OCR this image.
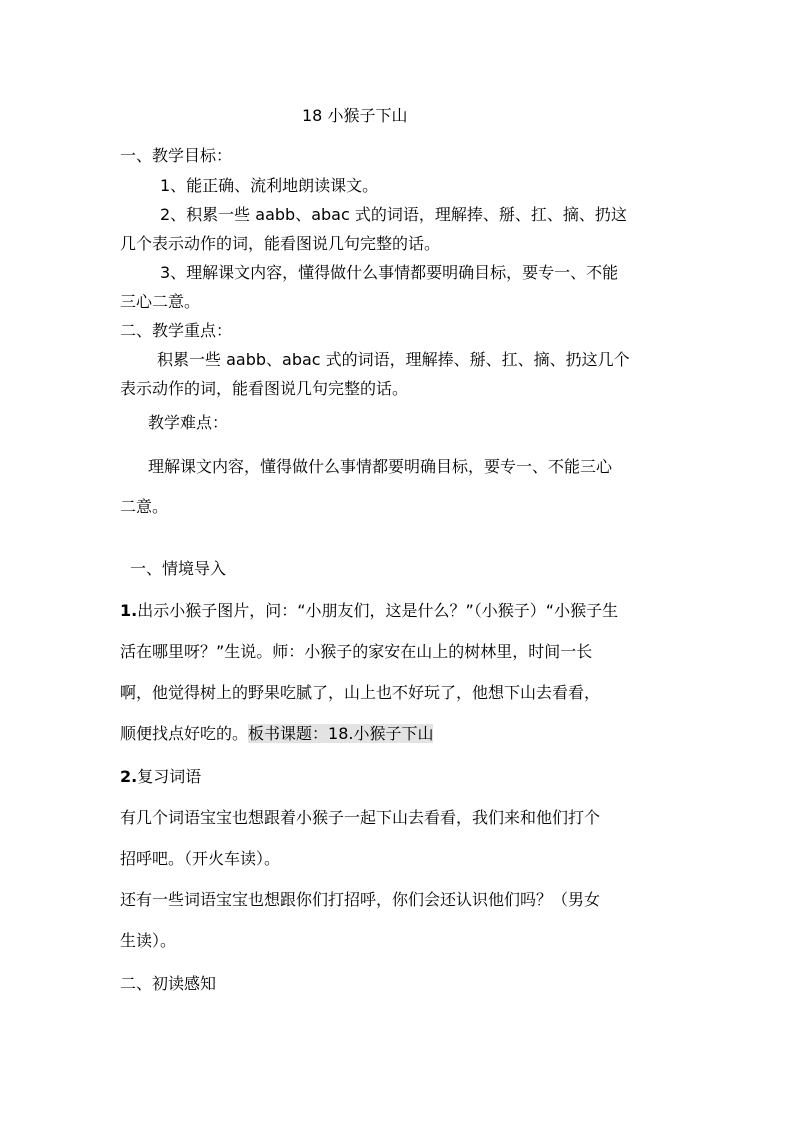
18 小猴子下山
一、教学目标：
1、能正确、流利地朗读课文。
2、积累一些 aabb、abac 式的词语，理解捧、掰、扛、摘、扔这
几个表示动作的词，能看图说几句完整的话。
3、理解课文内容，懂得做什么事情都要明确目标，要专一、不能
三心二意。
二、教学重点：
积累一些 aabb、abac 式的词语，理解捧、掰、扛、摘、扔这几个
表示动作的词，能看图说几句完整的话。
教学难点：
理解课文内容，懂得做什么事情都要明确目标，要专一、不能三心
二意。
一、情境导入
1.出示小猴子图片，问：“小朋友们，这是什么？”（小猴子）“小猴子生
活在哪里呀？”生说。师：小猴子的家安在山上的树林里，时间一长
啊，他觉得树上的野果吃腻了，山上也不好玩了，他想下山去看看，
顺便找点好吃的。板书课题：18.小猴子下山
2.复习词语
有几个词语宝宝也想跟着小猴子一起下山去看看，我们来和他们打个
招呼吧。（开火车读）。
还有一些词语宝宝也想跟你们打招呼，你们会还认识他们吗？（男女
生读）。
二、初读感知
